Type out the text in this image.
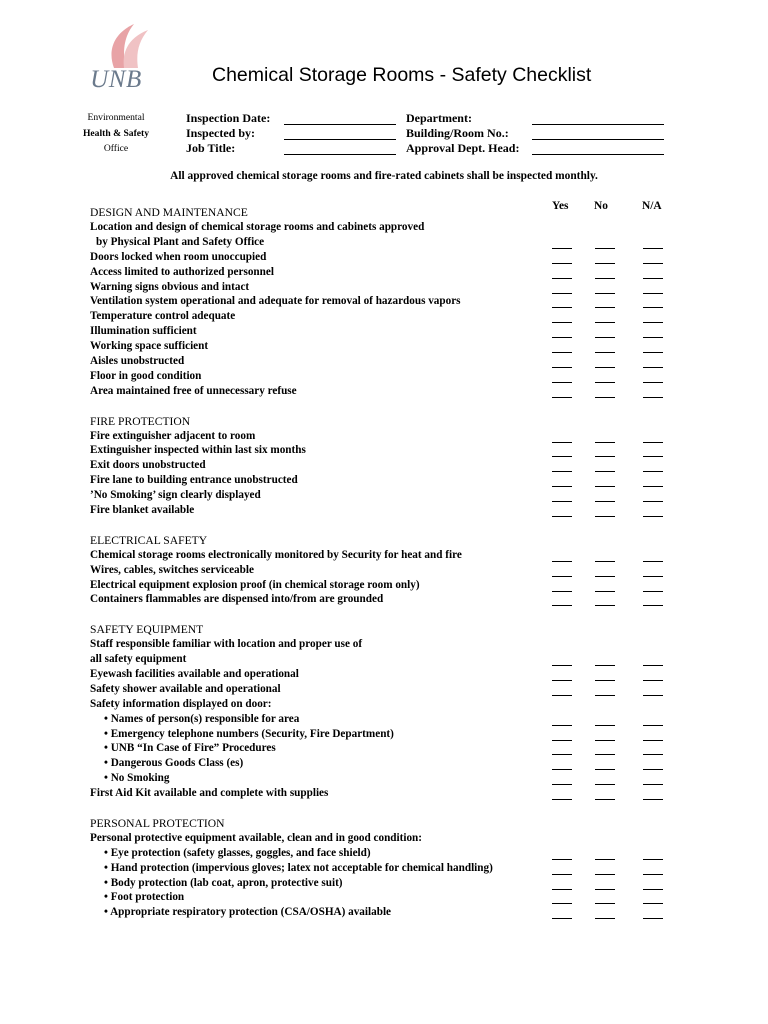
UNB	Chemical Storage Rooms - Safety Checklist
Environmental
Health & Safety
Office
Inspection Date:
Inspected by:
Job Title:
Department:
Building/Room No.:
Approval Dept. Head:
All approved chemical storage rooms and fire-rated cabinets shall be inspected monthly.
Yes No	N/A
DESIGN AND MAINTENANCE
Location and design of chemical storage rooms and cabinets approved
by Physical Plant and Safety Office
Doors locked when room unoccupied
Access limited to authorized personnel
Warning signs obvious and intact
Ventilation system operational and adequate for removal of hazardous vapors
Temperature control adequate
Illumination sufficient
Working space sufficient
Aisles unobstructed
Floor in good condition
Area maintained free of unnecessary refuse
FIRE PROTECTION
Fire extinguisher adjacent to room
Extinguisher inspected within last six months
Exit doors unobstructed
Fire lane to building entrance unobstructed
’No Smoking’ sign clearly displayed
Fire blanket available
ELECTRICAL SAFETY
Chemical storage rooms electronically monitored by Security for heat and fire
Wires, cables, switches serviceable
Electrical equipment explosion proof (in chemical storage room only)
Containers flammables are dispensed into/from are grounded
SAFETY EQUIPMENT
Staff responsible familiar with location and proper use of
all safety equipment
Eyewash facilities available and operational
Safety shower available and operational
Safety information displayed on door:
• Names of person(s) responsible for area
• Emergency telephone numbers (Security, Fire Department)
• UNB “In Case of Fire” Procedures
• Dangerous Goods Class (es)
• No Smoking
First Aid Kit available and complete with supplies
PERSONAL PROTECTION
Personal protective equipment available, clean and in good condition:
• Eye protection (safety glasses, goggles, and face shield)
• Hand protection (impervious gloves; latex not acceptable for chemical handling)
• Body protection (lab coat, apron, protective suit)
• Foot protection
• Appropriate respiratory protection (CSA/OSHA) available
